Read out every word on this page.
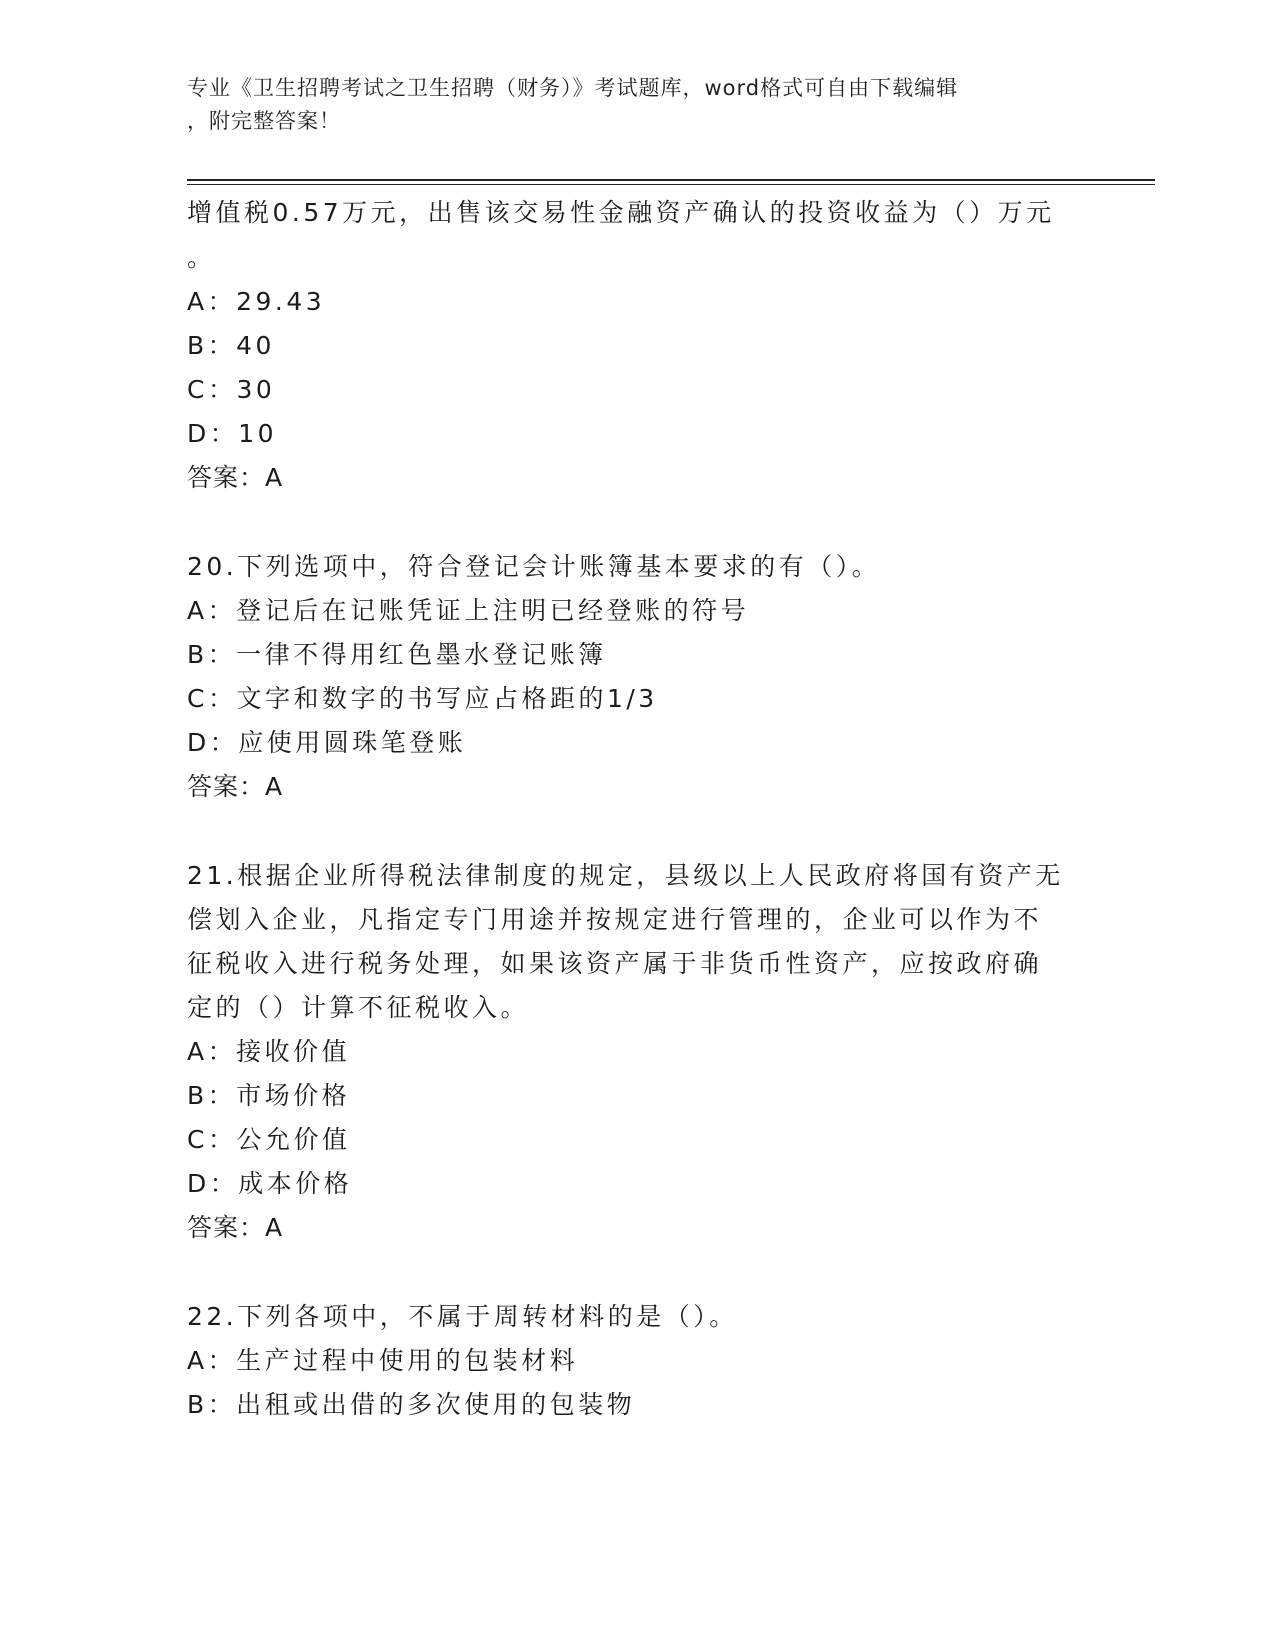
专业《卫生招聘考试之卫生招聘（财务）》考试题库，word格式可自由下载编辑
，附完整答案！
增值税0.57万元，出售该交易性金融资产确认的投资收益为（）万元
。
A：29.43
B：40
C：30
D：10
答案：A
20.下列选项中，符合登记会计账簿基本要求的有（）。
A：登记后在记账凭证上注明已经登账的符号
B：一律不得用红色墨水登记账簿
C：文字和数字的书写应占格距的1/3
D：应使用圆珠笔登账
答案：A
21.根据企业所得税法律制度的规定，县级以上人民政府将国有资产无
偿划入企业，凡指定专门用途并按规定进行管理的，企业可以作为不
征税收入进行税务处理，如果该资产属于非货币性资产，应按政府确
定的（）计算不征税收入。
A：接收价值
B：市场价格
C：公允价值
D：成本价格
答案：A
22.下列各项中，不属于周转材料的是（）。
A：生产过程中使用的包装材料
B：出租或出借的多次使用的包装物
